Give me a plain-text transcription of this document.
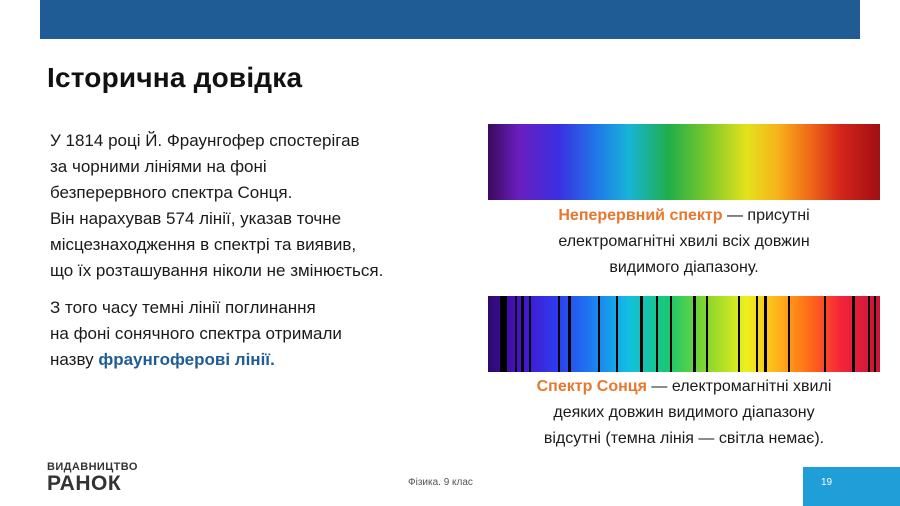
Історична довідка
У 1814 році Й. Фраунгофер спостерігав
за чорними лініями на фоні
безперервного спектра Сонця.
Він нарахував 574 лінії, указав точне
місцезнаходження в спектрі та виявив,
що їх розташування ніколи не змінюється.
З того часу темні лінії поглинання
на фоні сонячного спектра отримали
назву фраунгоферові лінії.
Неперервний спектр — присутні
електромагнітні хвилі всіх довжин
видимого діапазону.
Спектр Сонця — електромагнітні хвилі
деяких довжин видимого діапазону
відсутні (темна лінія — світла немає).
ВИДАВНИЦТВО
РАНОК	Фізика. 9 клас	19
